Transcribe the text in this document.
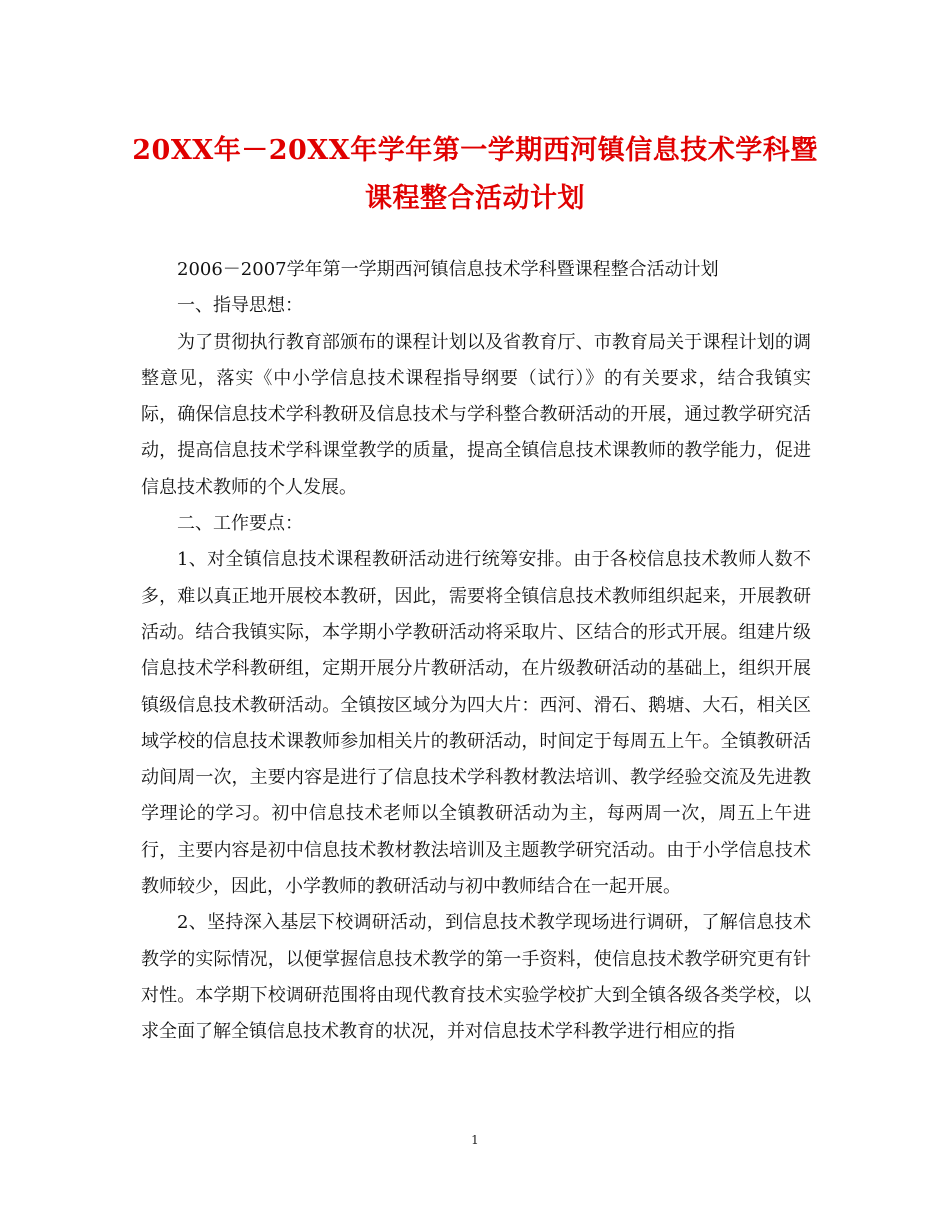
20XX年－20XX年学年第一学期西河镇信息技术学科暨课程整合活动计划

2006－2007学年第一学期西河镇信息技术学科暨课程整合活动计划

一、指导思想：

为了贯彻执行教育部颁布的课程计划以及省教育厅、市教育局关于课程计划的调整意见，落实《中小学信息技术课程指导纲要（试行）》的有关要求，结合我镇实际，确保信息技术学科教研及信息技术与学科整合教研活动的开展，通过教学研究活动，提高信息技术学科课堂教学的质量，提高全镇信息技术课教师的教学能力，促进信息技术教师的个人发展。

二、工作要点：

1、对全镇信息技术课程教研活动进行统筹安排。由于各校信息技术教师人数不多，难以真正地开展校本教研，因此，需要将全镇信息技术教师组织起来，开展教研活动。结合我镇实际，本学期小学教研活动将采取片、区结合的形式开展。组建片级信息技术学科教研组，定期开展分片教研活动，在片级教研活动的基础上，组织开展镇级信息技术教研活动。全镇按区域分为四大片：西河、滑石、鹅塘、大石，相关区域学校的信息技术课教师参加相关片的教研活动，时间定于每周五上午。全镇教研活动间周一次，主要内容是进行了信息技术学科教材教法培训、教学经验交流及先进教学理论的学习。初中信息技术老师以全镇教研活动为主，每两周一次，周五上午进行，主要内容是初中信息技术教材教法培训及主题教学研究活动。由于小学信息技术教师较少，因此，小学教师的教研活动与初中教师结合在一起开展。

2、坚持深入基层下校调研活动，到信息技术教学现场进行调研，了解信息技术教学的实际情况，以便掌握信息技术教学的第一手资料，使信息技术教学研究更有针对性。本学期下校调研范围将由现代教育技术实验学校扩大到全镇各级各类学校，以求全面了解全镇信息技术教育的状况，并对信息技术学科教学进行相应的指

1
